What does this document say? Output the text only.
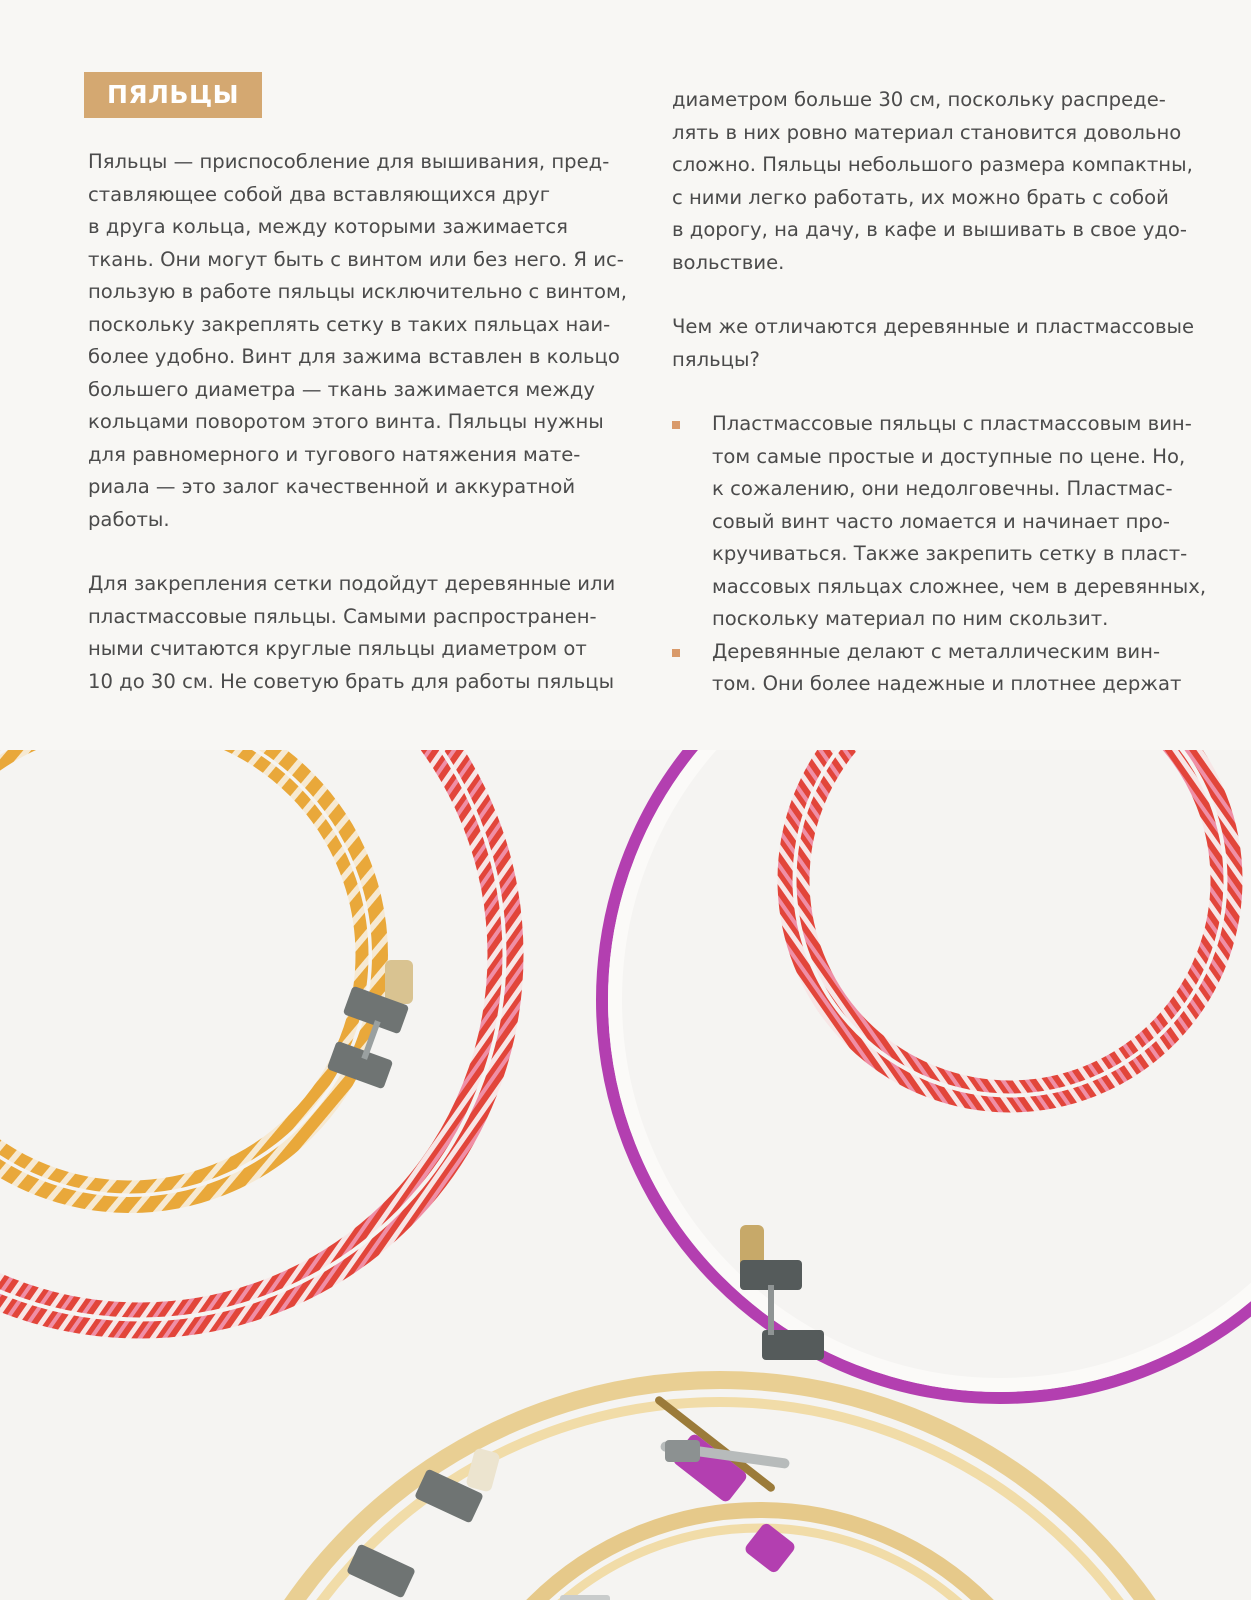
ПЯЛЬЦЫ

Пяльцы — приспособление для вышивания, пред-
ставляющее собой два вставляющихся друг
в друга кольца, между которыми зажимается
ткань. Они могут быть с винтом или без него. Я ис-
пользую в работе пяльцы исключительно с винтом,
поскольку закреплять сетку в таких пяльцах наи-
более удобно. Винт для зажима вставлен в кольцо
большего диаметра — ткань зажимается между
кольцами поворотом этого винта. Пяльцы нужны
для равномерного и тугового натяжения мате-
риала — это залог качественной и аккуратной
работы.

Для закрепления сетки подойдут деревянные или
пластмассовые пяльцы. Самыми распространен-
ными считаются круглые пяльцы диаметром от
10 до 30 см. Не советую брать для работы пяльцы

диаметром больше 30 см, поскольку распреде-
лять в них ровно материал становится довольно
сложно. Пяльцы небольшого размера компактны,
с ними легко работать, их можно брать с собой
в дорогу, на дачу, в кафе и вышивать в свое удо-
вольствие.

Чем же отличаются деревянные и пластмассовые
пяльцы?

Пластмассовые пяльцы с пластмассовым вин-
том самые простые и доступные по цене. Но,
к сожалению, они недолговечны. Пластмас-
совый винт часто ломается и начинает про-
кручиваться. Также закрепить сетку в пласт-
массовых пяльцах сложнее, чем в деревянных,
поскольку материал по ним скользит.
Деревянные делают с металлическим вин-
том. Они более надежные и плотнее держат
